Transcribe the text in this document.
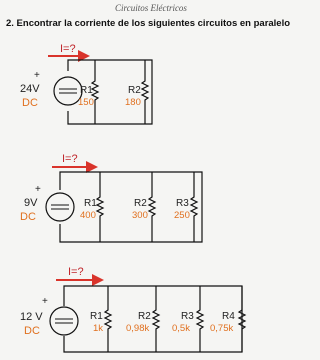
Circuitos Eléctricos
2. Encontrar la corriente de los siguientes circuitos en paralelo
I=?
+
24V
DC
R1
150
R2
180
I=?
+
9V
DC
R1
400
R2
300
R3
250
I=?
+
12 V
DC
R1
1k
R2
0,98k
R3
0,5k
R4
0,75k
